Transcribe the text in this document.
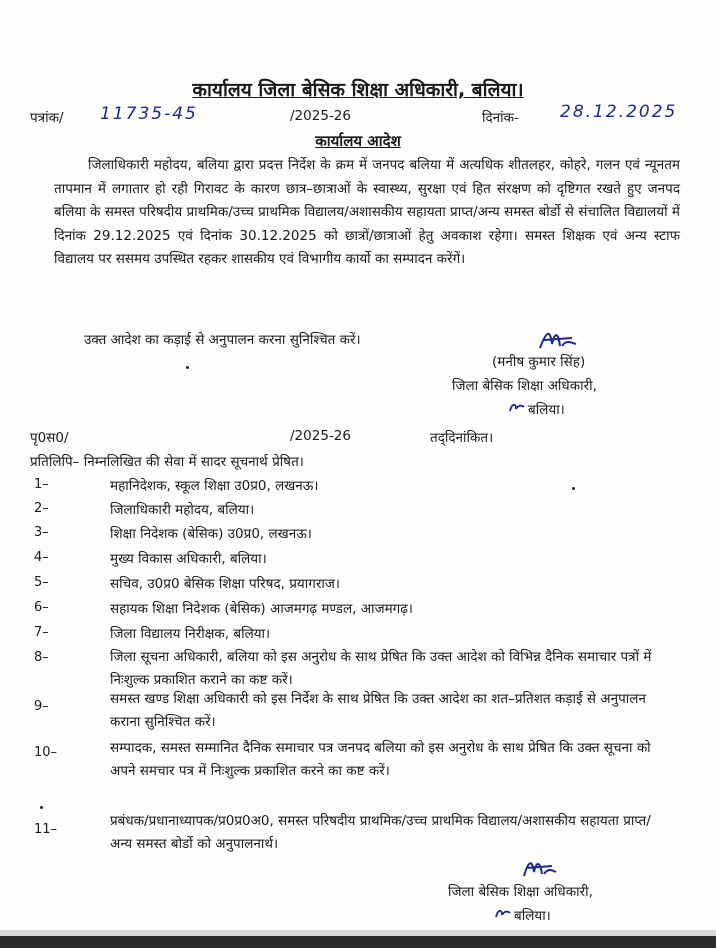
कार्यालय जिला बेसिक शिक्षा अधिकारी, बलिया।
पत्रांक/ 11735-45	/2025-26	दिनांक- 28.12.2025
कार्यालय आदेश
जिलाधिकारी महोदय, बलिया द्वारा प्रदत्त निर्देश के क्रम में जनपद बलिया में अत्यधिक शीतलहर, कोहरे, गलन एवं न्यूनतम तापमान में लगातार हो रही गिरावट के कारण छात्र–छात्राओं के स्वास्थ्य, सुरक्षा एवं हित संरक्षण को दृष्टिगत रखते हुए जनपद बलिया के समस्त परिषदीय प्राथमिक/उच्च प्राथमिक विद्यालय/अशासकीय सहायता प्राप्त/अन्य समस्त बोर्डो से संचालित विद्यालयों में दिनांक 29.12.2025 एवं दिनांक 30.12.2025 को छात्रों/छात्राओं हेतु अवकाश रहेगा। समस्त शिक्षक एवं अन्य स्टाफ विद्यालय पर ससमय उपस्थित रहकर शासकीय एवं विभागीय कार्यो का सम्पादन करेंगें।
उक्त आदेश का कड़ाई से अनुपालन करना सुनिश्चित करें।
(मनीष कुमार सिंह)
जिला बेसिक शिक्षा अधिकारी,
बलिया।
पृ0स0/	/2025-26	तद्‌दिनांकित।
प्रतिलिपि– निम्नलिखित की सेवा में सादर सूचनार्थ प्रेषित।
1–	महानिदेशक, स्कूल शिक्षा उ0प्र0, लखनऊ।
2–	जिलाधिकारी महोदय, बलिया।
3–	शिक्षा निदेशक (बेसिक) उ0प्र0, लखनऊ।
4–	मुख्य विकास अधिकारी, बलिया।
5–	सचिव, उ0प्र0 बेसिक शिक्षा परिषद, प्रयागराज।
6–	सहायक शिक्षा निदेशक (बेसिक) आजमगढ़ मण्डल, आजमगढ़।
7–	जिला विद्यालय निरीक्षक, बलिया।
8–	जिला सूचना अधिकारी, बलिया को इस अनुरोध के साथ प्रेषित कि उक्त आदेश को विभिन्न दैनिक समाचार पत्रों में निःशुल्क प्रकाशित कराने का कष्ट करें।
9–	समस्त खण्ड शिक्षा अधिकारी को इस निर्देश के साथ प्रेषित कि उक्त आदेश का शत–प्रतिशत कड़ाई से अनुपालन कराना सुनिश्चित करें।
10–	सम्पादक, समस्त सम्मानित दैनिक समाचार पत्र जनपद बलिया को इस अनुरोध के साथ प्रेषित कि उक्त सूचना को अपने समचार पत्र में निःशुल्क प्रकाशित करने का कष्ट करें।
11–
प्रबंधक/प्रधानाध्यापक/प्र0प्र0अ0, समस्त परिषदीय प्राथमिक/उच्च प्राथमिक विद्यालय/अशासकीय सहायता प्राप्त/अन्य समस्त बोर्डो को अनुपालनार्थ।
जिला बेसिक शिक्षा अधिकारी,
बलिया।
